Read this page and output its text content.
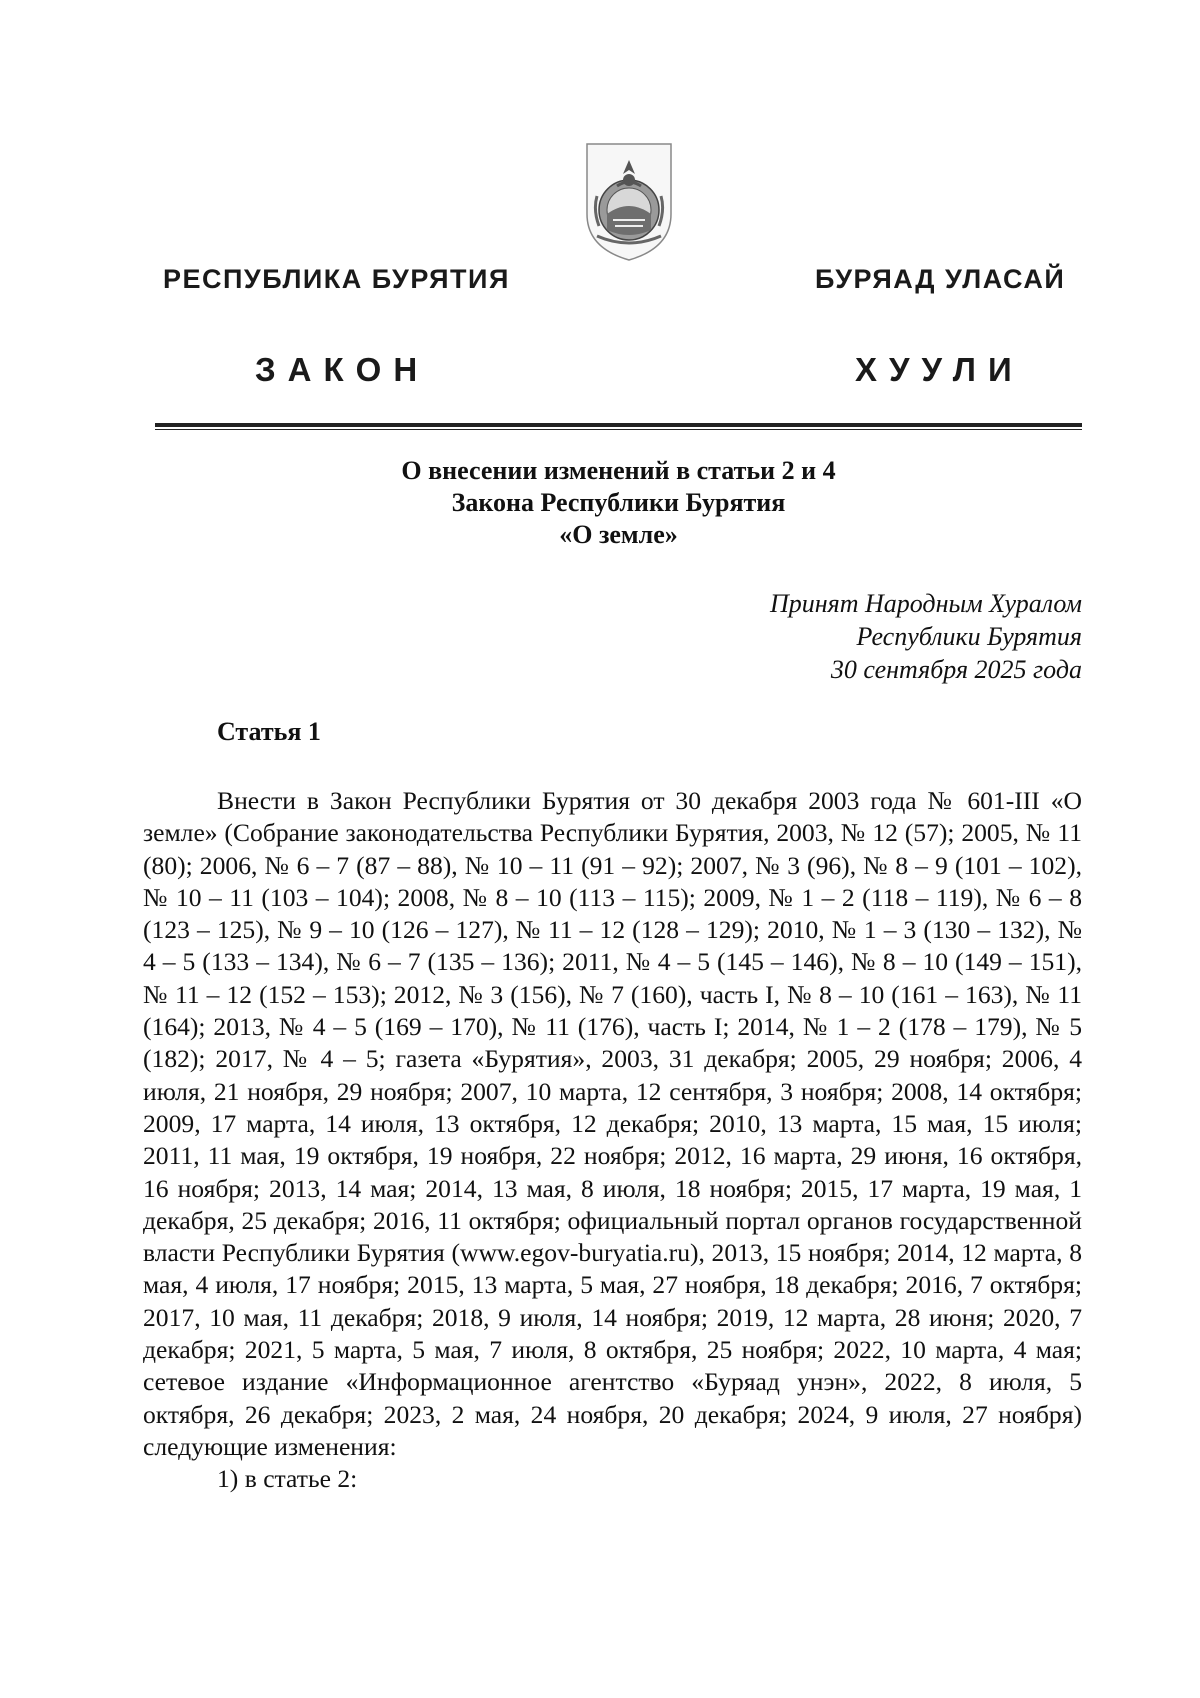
РЕСПУБЛИКА БУРЯТИЯ	БУРЯАД УЛАСАЙ
ЗАКОН	ХУУЛИ
О внесении изменений в статьи 2 и 4
Закона Республики Бурятия
«О земле»
Принят Народным Хуралом
Республики Бурятия
30 сентября 2025 года
Статья 1

Внести в Закон Республики Бурятия от 30 декабря 2003 года № 601-III «О земле» (Собрание законодательства Республики Бурятия, 2003, № 12 (57); 2005, № 11 (80); 2006, № 6 – 7 (87 – 88), № 10 – 11 (91 – 92); 2007, № 3 (96), № 8 – 9 (101 – 102), № 10 – 11 (103 – 104); 2008, № 8 – 10 (113 – 115); 2009, № 1 – 2 (118 – 119), № 6 – 8 (123 – 125), № 9 – 10 (126 – 127), № 11 – 12 (128 – 129); 2010, № 1 – 3 (130 – 132), № 4 – 5 (133 – 134), № 6 – 7 (135 – 136); 2011, № 4 – 5 (145 – 146), № 8 – 10 (149 – 151), № 11 – 12 (152 – 153); 2012, № 3 (156), № 7 (160), часть I, № 8 – 10 (161 – 163), № 11 (164); 2013, № 4 – 5 (169 – 170), № 11 (176), часть I; 2014, № 1 – 2 (178 – 179), № 5 (182); 2017, № 4 – 5; газета «Бурятия», 2003, 31 декабря; 2005, 29 ноября; 2006, 4 июля, 21 ноября, 29 ноября; 2007, 10 марта, 12 сентября, 3 ноября; 2008, 14 октября; 2009, 17 марта, 14 июля, 13 октября, 12 декабря; 2010, 13 марта, 15 мая, 15 июля; 2011, 11 мая, 19 октября, 19 ноября, 22 ноября; 2012, 16 марта, 29 июня, 16 октября, 16 ноября; 2013, 14 мая; 2014, 13 мая, 8 июля, 18 ноября; 2015, 17 марта, 19 мая, 1 декабря, 25 декабря; 2016, 11 октября; официальный портал органов государственной власти Республики Бурятия (www.egov-buryatia.ru), 2013, 15 ноября; 2014, 12 марта, 8 мая, 4 июля, 17 ноября; 2015, 13 марта, 5 мая, 27 ноября, 18 декабря; 2016, 7 октября; 2017, 10 мая, 11 декабря; 2018, 9 июля, 14 ноября; 2019, 12 марта, 28 июня; 2020, 7 декабря; 2021, 5 марта, 5 мая, 7 июля, 8 октября, 25 ноября; 2022, 10 марта, 4 мая; сетевое издание «Информационное агентство «Буряад унэн», 2022, 8 июля, 5 октября, 26 декабря; 2023, 2 мая, 24 ноября, 20 декабря; 2024, 9 июля, 27 ноября) следующие изменения:

1) в статье 2:
